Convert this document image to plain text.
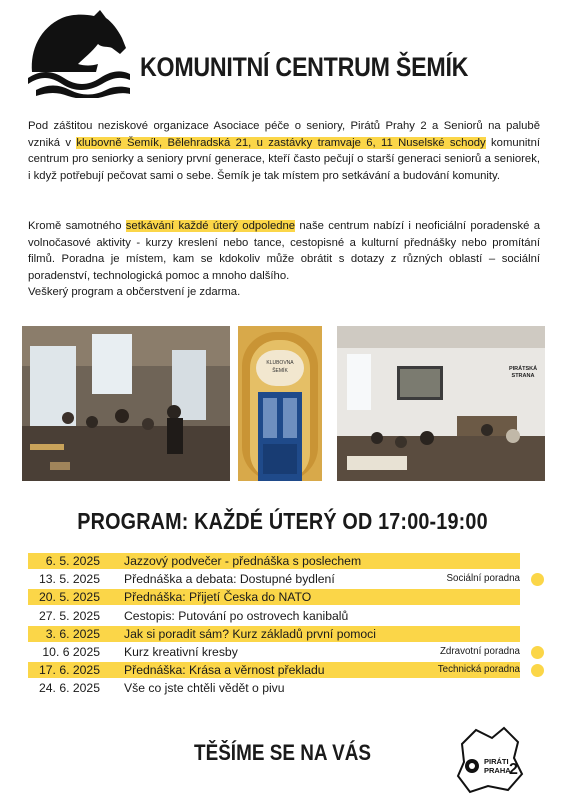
KOMUNITNÍ CENTRUM ŠEMÍK
Pod záštitou neziskové organizace Asociace péče o seniory, Pirátů Prahy 2 a Seniorů na palubě vzniká v klubovně Šemík, Bělehradská 21, u zastávky tramvaje 6, 11 Nuselské schody komunitní centrum pro seniorky a seniory první generace, kteří často pečují o starší generaci seniorů a seniorek, i když potřebují pečovat sami o sebe. Šemík je tak místem pro setkávání a budování komunity.
Kromě samotného setkávání každé úterý odpoledne naše centrum nabízí i neoficiální poradenské a volnočasové aktivity - kurzy kreslení nebo tance, cestopisné a kulturní přednášky nebo promítání filmů. Poradna je místem, kam se kdokoliv může obrátit s dotazy z různých oblastí – sociální poradenství, technologická pomoc a mnoho dalšího.
Veškerý program a občerstvení je zdarma.
KLUBOVNA
ŠEMÍK	PIRÁTSKÁ
STRANA
PROGRAM: KAŽDÉ ÚTERÝ OD 17:00-19:00
6. 5. 2025 Jazzový podvečer - přednáška s poslechem
13. 5. 2025 Přednáška a debata: Dostupné bydlení	Sociální poradna
20. 5. 2025 Přednáška: Přijetí Česka do NATO
27. 5. 2025 Cestopis: Putování po ostrovech kanibalů
3. 6. 2025 Jak si poradit sám? Kurz základů první pomoci
10. 6 2025 Kurz kreativní kresby	Zdravotní poradna
17. 6. 2025 Přednáška: Krása a věrnost překladu	Technická poradna
24. 6. 2025 Vše co jste chtěli vědět o pivu
TĚŠÍME SE NA VÁS	PIRÁTI
PRAHA
2
